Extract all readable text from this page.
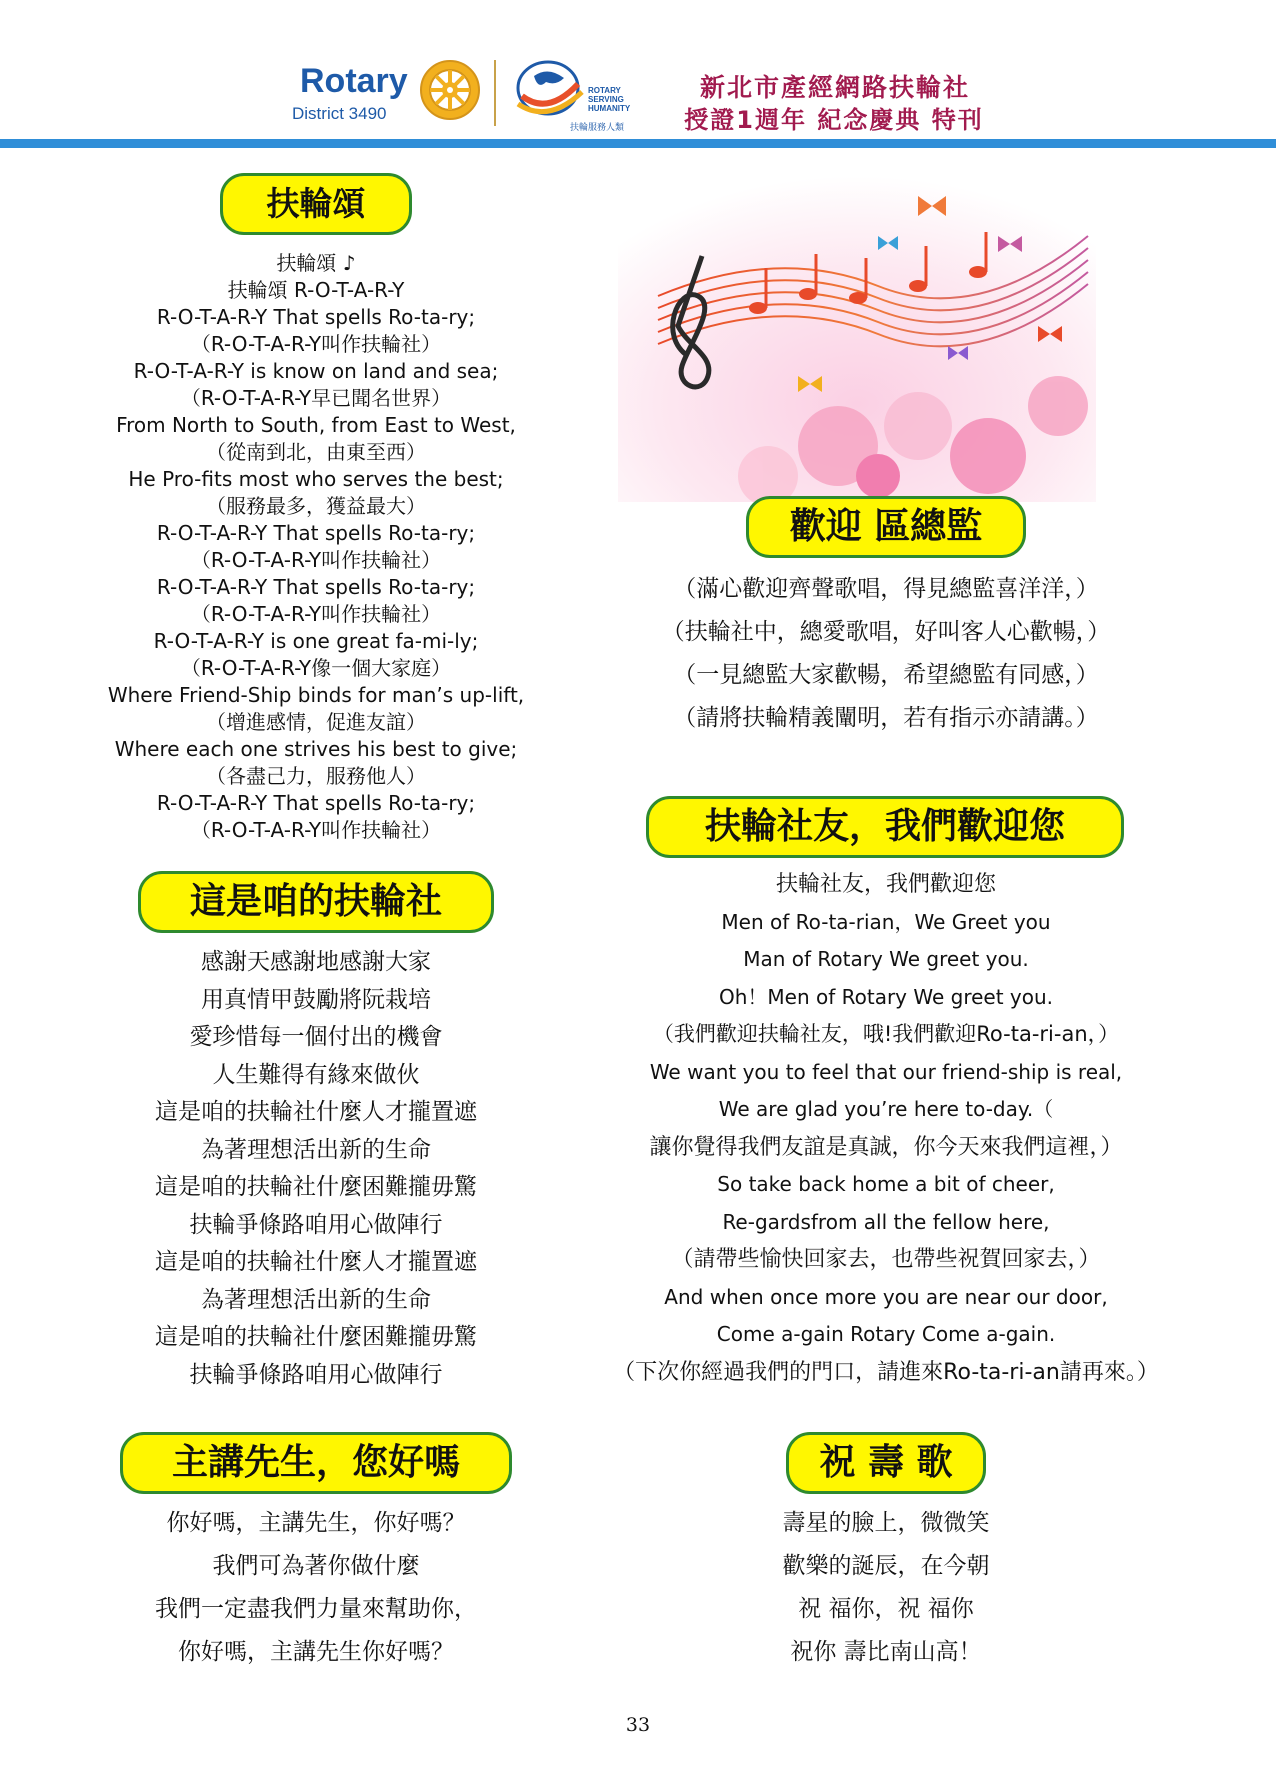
Rotary
District 3490
ROTARY
SERVING
HUMANITY
扶輪服務人類
新北市產經網路扶輪社
授證1週年 紀念慶典 特刊
扶輪頌
扶輪頌 ♪
扶輪頌 R-O-T-A-R-Y
R-O-T-A-R-Y That spells Ro-ta-ry;
（R-O-T-A-R-Y叫作扶輪社）
R-O-T-A-R-Y is know on land and sea;
（R-O-T-A-R-Y早已聞名世界）
From North to South, from East to West,
（從南到北，由東至西）
He Pro-fits most who serves the best;
（服務最多，獲益最大）
R-O-T-A-R-Y That spells Ro-ta-ry;
（R-O-T-A-R-Y叫作扶輪社）
R-O-T-A-R-Y That spells Ro-ta-ry;
（R-O-T-A-R-Y叫作扶輪社）
R-O-T-A-R-Y is one great fa-mi-ly;
（R-O-T-A-R-Y像一個大家庭）
Where Friend-Ship binds for man’s up-lift,
（增進感情，促進友誼）
Where each one strives his best to give;
（各盡己力，服務他人）
R-O-T-A-R-Y That spells Ro-ta-ry;
（R-O-T-A-R-Y叫作扶輪社）
這是咱的扶輪社
感謝天感謝地感謝大家
用真情甲鼓勵將阮栽培
愛珍惜每一個付出的機會
人生難得有緣來做伙
這是咱的扶輪社什麼人才攏置遮
為著理想活出新的生命
這是咱的扶輪社什麼困難攏毋驚
扶輪爭條路咱用心做陣行
這是咱的扶輪社什麼人才攏置遮
為著理想活出新的生命
這是咱的扶輪社什麼困難攏毋驚
扶輪爭條路咱用心做陣行
主講先生，您好嗎
你好嗎，主講先生，你好嗎？
我們可為著你做什麼
我們一定盡我們力量來幫助你，
你好嗎，主講先生你好嗎？
歡迎 區總監
（滿心歡迎齊聲歌唱，得見總監喜洋洋，）
（扶輪社中，總愛歌唱，好叫客人心歡暢，）
（一見總監大家歡暢，希望總監有同感，）
（請將扶輪精義闡明，若有指示亦請講。）
扶輪社友，我們歡迎您
扶輪社友，我們歡迎您
Men of Ro-ta-rian，We Greet you
Man of Rotary We greet you.
Oh！Men of Rotary We greet you.
（我們歡迎扶輪社友，哦!我們歡迎Ro-ta-ri-an，）
We want you to feel that our friend-ship is real,
We are glad you’re here to-day.（
讓你覺得我們友誼是真誠，你今天來我們這裡，）
So take back home a bit of cheer,
Re-gardsfrom all the fellow here,
（請帶些愉快回家去，也帶些祝賀回家去，）
And when once more you are near our door,
Come a-gain Rotary Come a-gain.
（下次你經過我們的門口，請進來Ro-ta-ri-an請再來。）
祝 壽 歌
壽星的臉上，微微笑
歡樂的誕辰，在今朝
祝 福你，祝 福你
祝你 壽比南山高！
33
